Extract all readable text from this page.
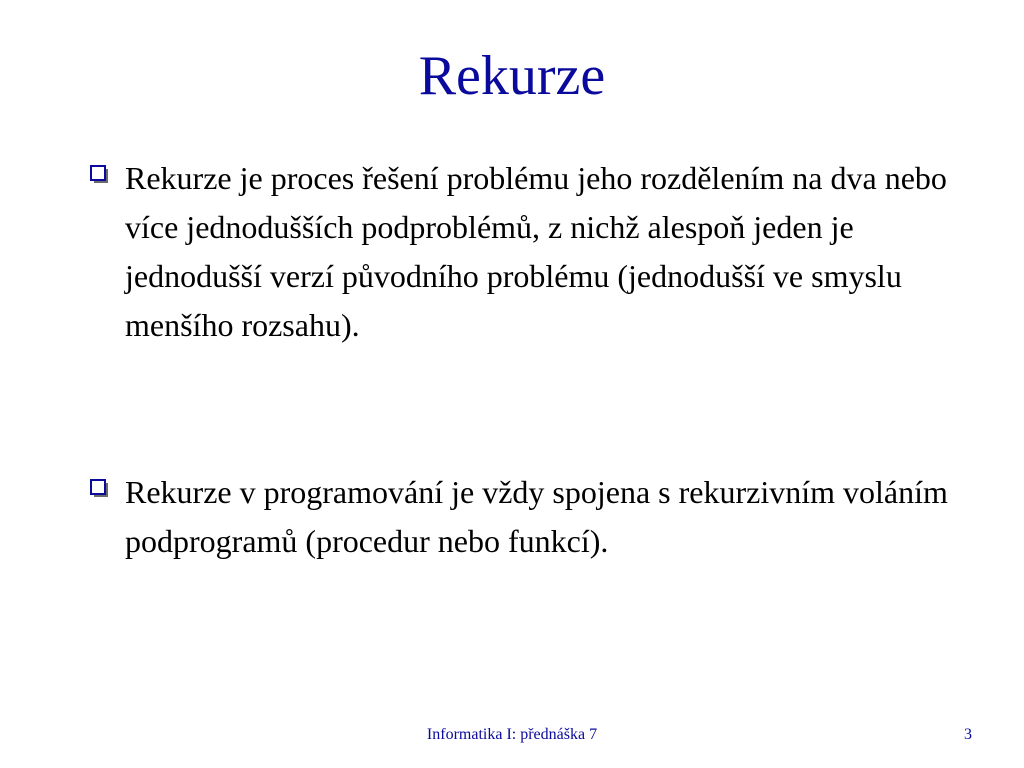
Rekurze
Rekurze je proces řešení problému jeho rozdělením na dva nebo více jednodušších podproblémů, z nichž alespoň jeden je jednodušší verzí původního problému (jednodušší ve smyslu menšího rozsahu).
Rekurze v programování je vždy spojena s rekurzivním voláním podprogramů (procedur nebo funkcí).
Informatika I: přednáška 7	3
